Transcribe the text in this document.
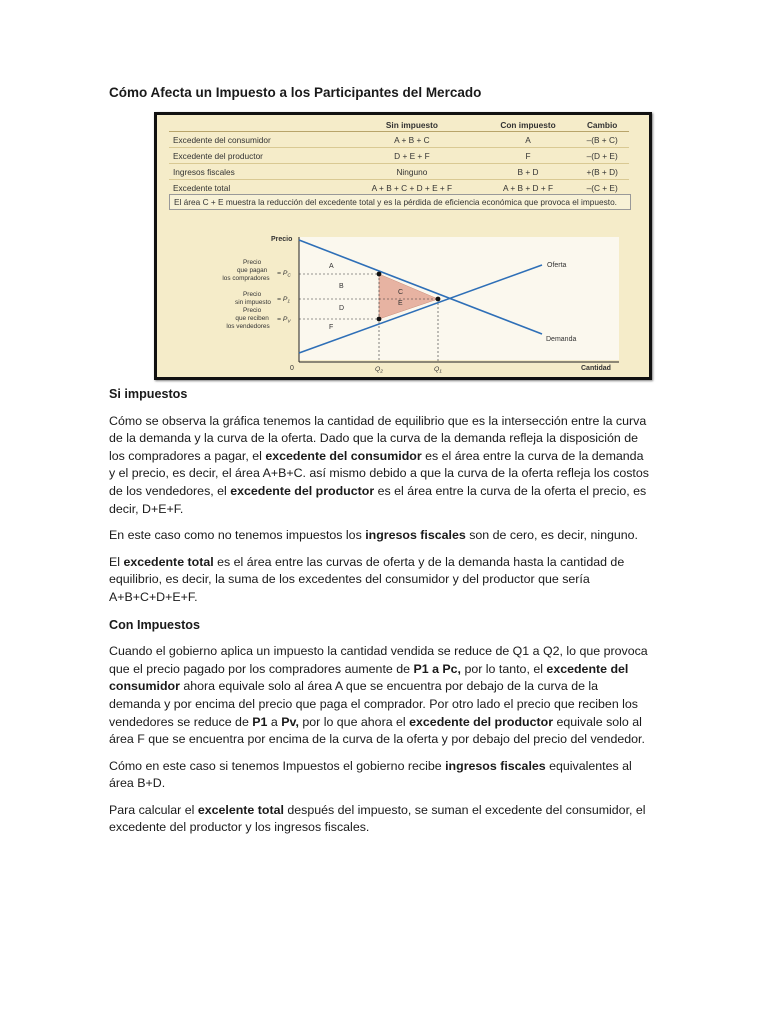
Cómo Afecta un Impuesto a los Participantes del Mercado
	Sin impuesto	Con impuesto	Cambio
Excedente del consumidor	A + B + C	A	–(B + C)
Excedente del productor	D + E + F	F	–(D + E)
Ingresos fiscales	Ninguno	B + D	+(B + D)
Excedente total	A + B + C + D + E + F	A + B + D + F	–(C + E)
El área C + E muestra la reducción del excedente total y es la pérdida de eficiencia económica que provoca el impuesto.
A
B
C
D
E
F
Precio
Cantidad
0
Oferta
Demanda
Precio que pagan los compradores
= $P_C$
Precio sin impuesto = $P_1$
Precio que reciben los vendedores
= $P_V$
$Q_2$	$Q_1$
Si impuestos

Cómo se observa la gráfica tenemos la cantidad de equilibrio que es la intersección entre la curva de la demanda y la curva de la oferta. Dado que la curva de la demanda refleja la disposición de los compradores a pagar, el excedente del consumidor es el área entre la curva de la demanda y el precio, es decir, el área A+B+C. así mismo debido a que la curva de la oferta refleja los costos de los vendedores, el excedente del productor es el área entre la curva de la oferta el precio, es decir, D+E+F.

En este caso como no tenemos impuestos los ingresos fiscales son de cero, es decir, ninguno.

El excedente total es el área entre las curvas de oferta y de la demanda hasta la cantidad de equilibrio, es decir, la suma de los excedentes del consumidor y del productor que sería A+B+C+D+E+F.

Con Impuestos

Cuando el gobierno aplica un impuesto la cantidad vendida se reduce de Q1 a Q2, lo que provoca que el precio pagado por los compradores aumente de P1 a Pc, por lo tanto, el excedente del consumidor ahora equivale solo al área A que se encuentra por debajo de la curva de la demanda y por encima del precio que paga el comprador. Por otro lado el precio que reciben los vendedores se reduce de P1 a Pv, por lo que ahora el excedente del productor equivale solo al área F que se encuentra por encima de la curva de la oferta y por debajo del precio del vendedor.

Cómo en este caso si tenemos Impuestos el gobierno recibe ingresos fiscales equivalentes al área B+D.

Para calcular el excelente total después del impuesto, se suman el excedente del consumidor, el excedente del productor y los ingresos fiscales.
